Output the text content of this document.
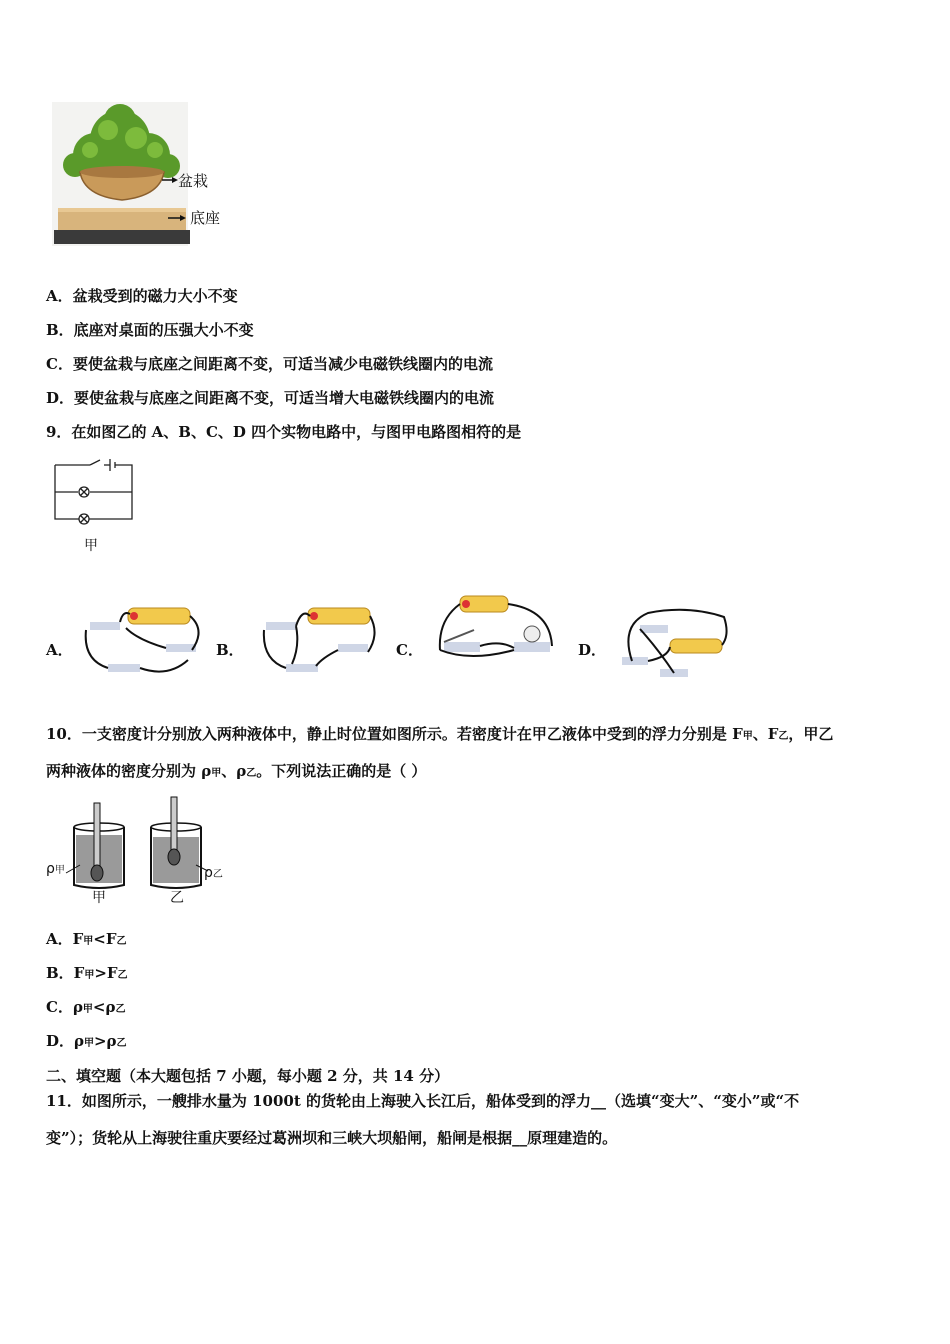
盆栽
底座
A．盆栽受到的磁力大小不变
B．底座对桌面的压强大小不变
C．要使盆栽与底座之间距离不变，可适当减少电磁铁线圈内的电流
D．要使盆栽与底座之间距离不变，可适当增大电磁铁线圈内的电流
9．在如图乙的 A、B、C、D 四个实物电路中，与图甲电路图相符的是
甲
A．	B．	C．	D．
10．一支密度计分别放入两种液体中，静止时位置如图所示。若密度计在甲乙液体中受到的浮力分别是 F甲、F乙，甲乙
两种液体的密度分别为 ρ甲、ρ乙。下列说法正确的是（ ）
ρ甲	ρ乙
甲	乙
A．F甲<F乙
B．F甲>F乙
C．ρ甲<ρ乙
D．ρ甲>ρ乙
二、填空题（本大题包括 7 小题，每小题 2 分，共 14 分）
11．如图所示，一艘排水量为 1000t 的货轮由上海驶入长江后，船体受到的浮力__（选填“变大”、“变小”或“不
变”）；货轮从上海驶往重庆要经过葛洲坝和三峡大坝船闸，船闸是根据__原理建造的。
